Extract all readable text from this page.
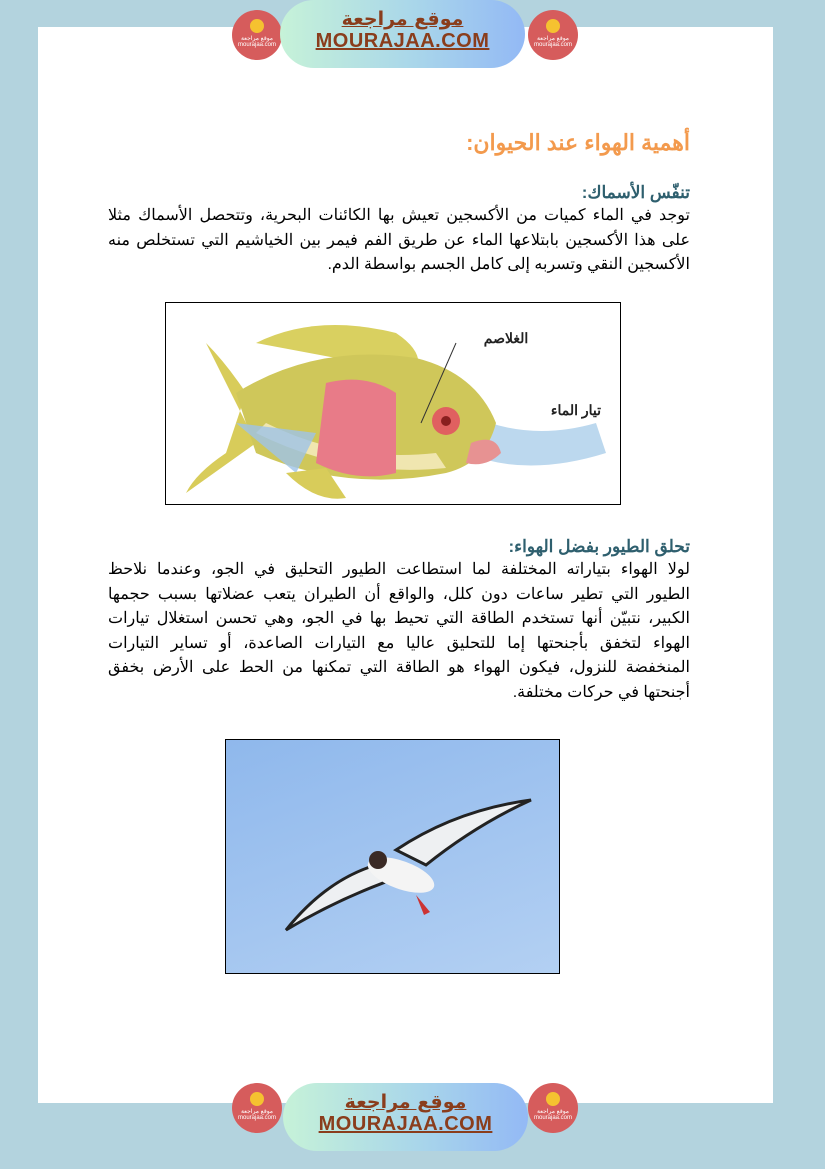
موقع مراجعة mourajaa.com
موقع مراجعة
MOURAJAA.COM	موقع مراجعة mourajaa.com
أهمية الهواء عند الحيوان:
تنفّس الأسماك:
توجد في الماء كميات من الأكسجين تعيش بها الكائنات البحرية، وتتحصل الأسماك مثلا
على هذا الأكسجين بابتلاعها الماء عن طريق الفم فيمر بين الخياشيم التي تستخلص منه
الأكسجين النقي وتسربه إلى كامل الجسم بواسطة الدم.
الغلاصم
تيار الماء
تحلق الطيور بفضل الهواء:
لولا الهواء بتياراته المختلفة لما استطاعت الطيور التحليق في الجو، وعندما نلاحظ
الطيور التي تطير ساعات دون كلل، والواقع أن الطيران يتعب عضلاتها بسبب حجمها
الكبير، نتبيّن أنها تستخدم الطاقة التي تحيط بها في الجو، وهي تحسن استغلال تيارات
الهواء لتخفق بأجنحتها إما للتحليق عاليا مع التيارات الصاعدة، أو تساير التيارات
المنخفضة للنزول، فيكون الهواء هو الطاقة التي تمكنها من الحط على الأرض بخفق
أجنحتها في حركات مختلفة.
موقع مراجعة mourajaa.com
موقع مراجعة
MOURAJAA.COM
موقع مراجعة mourajaa.com
